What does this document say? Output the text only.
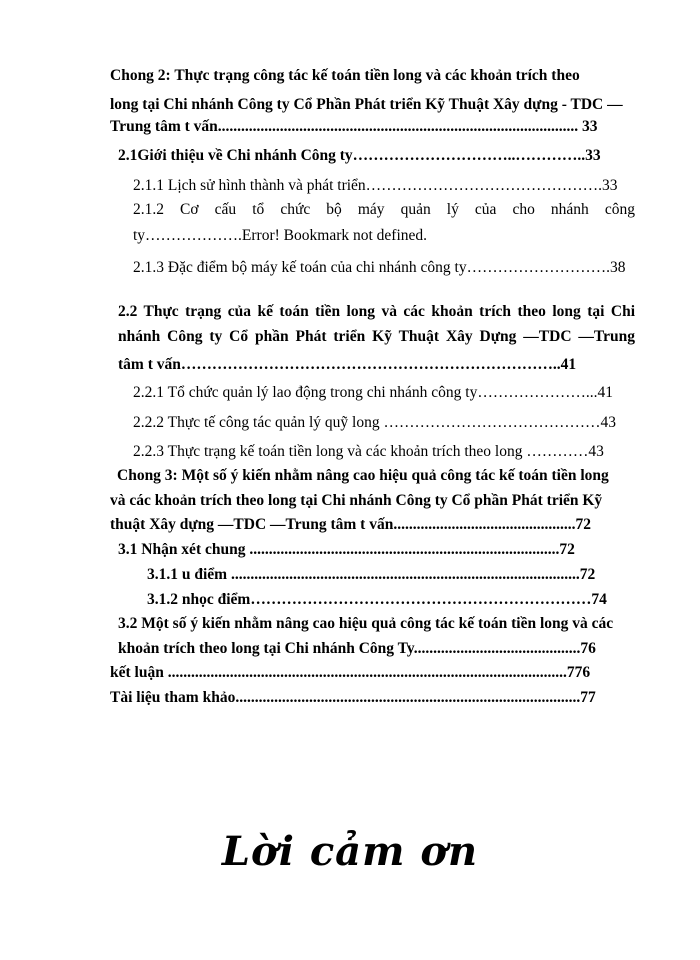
Chong 2: Thực trạng công tác kế toán tiền long và các khoản trích theo
long tại Chi nhánh Công ty Cổ Phần Phát triển Kỹ Thuật Xây dựng - TDC —
Trung tâm t vấn............................................................................................. 33
2.1Giới thiệu về Chi nhánh Công ty…………………………..…………..33
2.1.1 Lịch sử hình thành và phát triển……………………………………….33
2.1.2 Cơ cấu tổ chức bộ máy quản lý của cho nhánh công
ty……………….Error! Bookmark not defined.
2.1.3 Đặc điểm bộ máy kế toán của chi nhánh công ty……………………….38
2.2 Thực trạng của kế toán tiền long và các khoản trích theo long tại Chi
nhánh Công ty Cổ phần Phát triển Kỹ Thuật Xây Dựng —TDC —Trung
tâm t vấn………………………………………………………………..41
2.2.1 Tổ chức quản lý lao động trong chi nhánh công ty…………………...41
2.2.2 Thực tế công tác quản lý quỹ long ……………………………………43
2.2.3 Thực trạng kế toán tiền long và các khoản trích theo long …………43
Chong 3: Một số ý kiến nhằm nâng cao hiệu quả công tác kế toán tiền long
và các khoản trích theo long tại Chi nhánh Công ty Cổ phần Phát triển Kỹ
thuật Xây dựng —TDC —Trung tâm t vấn...............................................72
3.1 Nhận xét chung ................................................................................72
3.1.1 u điểm ..........................................................................................72
3.1.2 nhọc điểm…………………………………………………………74
3.2 Một số ý kiến nhằm nâng cao hiệu quả công tác kế toán tiền long và các
khoản trích theo long tại Chi nhánh Công Ty...........................................76
kết luận .......................................................................................................776
Tài liệu tham khảo.........................................................................................77
Lời cảm ơn
